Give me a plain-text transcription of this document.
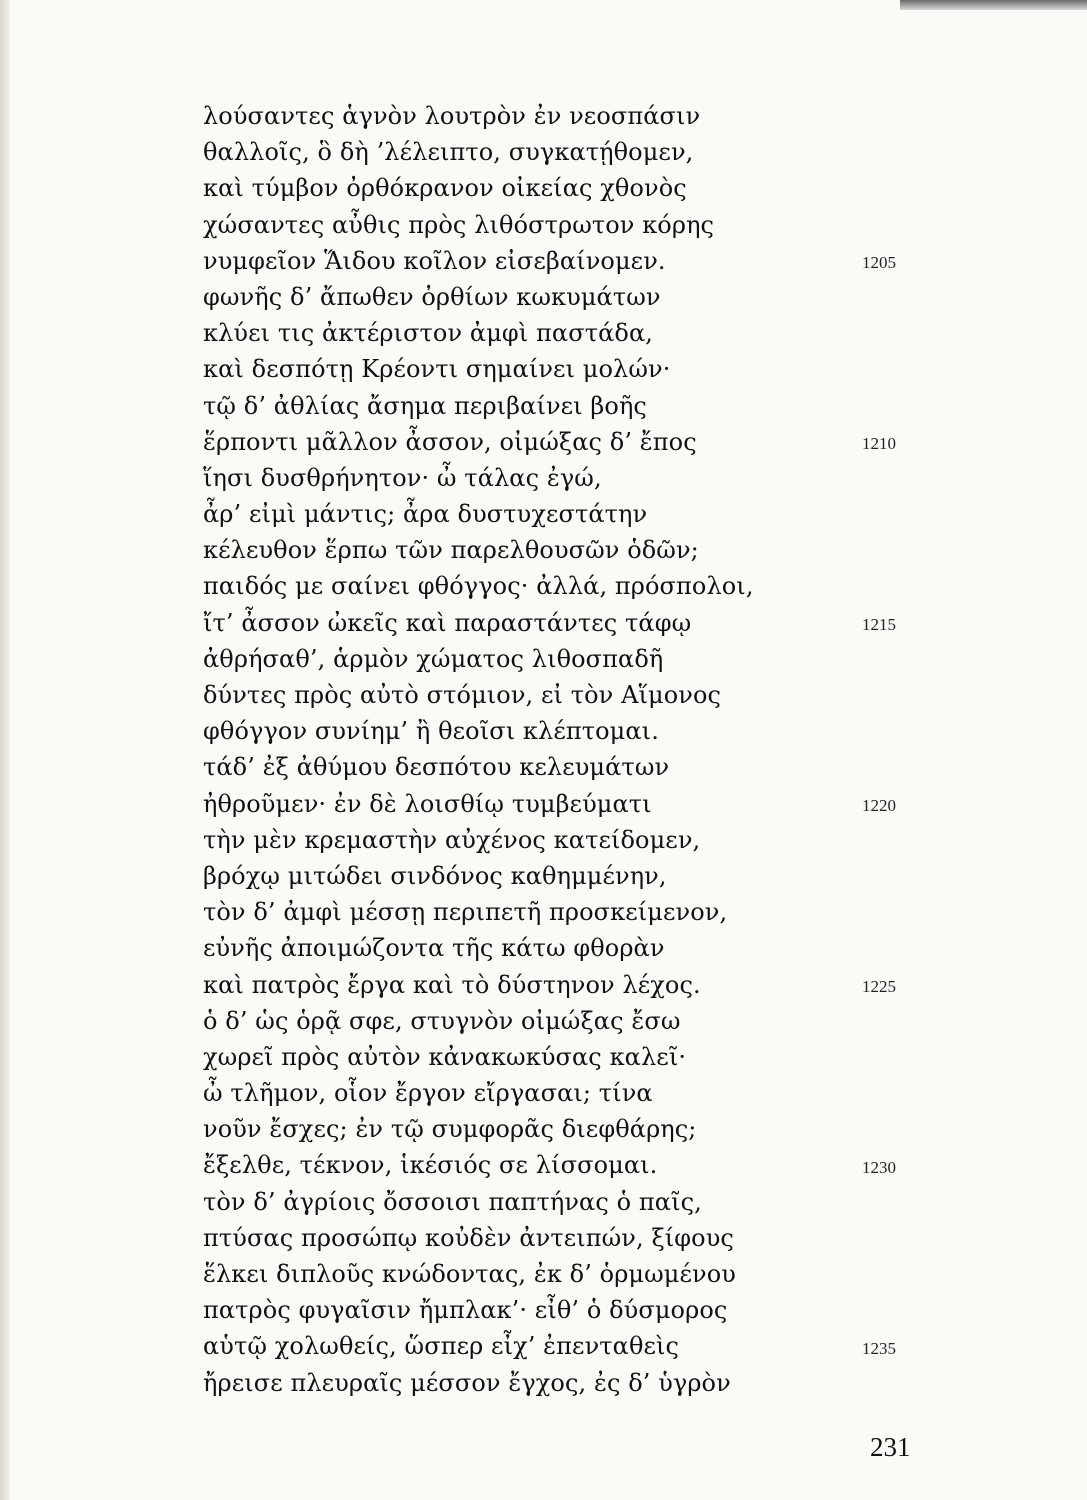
λούσαντες ἁγνὸν λουτρὸν ἐν νεοσπάσιν
θαλλοῖς, ὃ δὴ ’λέλειπτο, συγκατῄθομεν,
καὶ τύμβον ὀρθόκρανον οἰκείας χθονὸς
χώσαντες αὖθις πρὸς λιθόστρωτον κόρης
νυμφεῖον Ἅιδου κοῖλον εἰσεβαίνομεν.
φωνῆς δ’ ἄπωθεν ὀρθίων κωκυμάτων
κλύει τις ἀκτέριστον ἀμφὶ παστάδα,
καὶ δεσπότῃ Κρέοντι σημαίνει μολών·
τῷ δ’ ἀθλίας ἄσημα περιβαίνει βοῆς
ἕρποντι μᾶλλον ἆσσον, οἰμώξας δ’ ἔπος
ἵησι δυσθρήνητον· ὦ τάλας ἐγώ,
ἆρ’ εἰμὶ μάντις; ἆρα δυστυχεστάτην
κέλευθον ἕρπω τῶν παρελθουσῶν ὁδῶν;
παιδός με σαίνει φθόγγος· ἀλλά, πρόσπολοι,
ἴτ’ ἆσσον ὠκεῖς καὶ παραστάντες τάφῳ
ἀθρήσαθ’, ἁρμὸν χώματος λιθοσπαδῆ
δύντες πρὸς αὐτὸ στόμιον, εἰ τὸν Αἵμονος
φθόγγον συνίημ’ ἢ θεοῖσι κλέπτομαι.
τάδ’ ἐξ ἀθύμου δεσπότου κελευμάτων
ἠθροῦμεν· ἐν δὲ λοισθίῳ τυμβεύματι
τὴν μὲν κρεμαστὴν αὐχένος κατείδομεν,
βρόχῳ μιτώδει σινδόνος καθημμένην,
τὸν δ’ ἀμφὶ μέσσῃ περιπετῆ προσκείμενον,
εὐνῆς ἀποιμώζοντα τῆς κάτω φθορὰν
καὶ πατρὸς ἔργα καὶ τὸ δύστηνον λέχος.
ὁ δ’ ὡς ὁρᾷ σφε, στυγνὸν οἰμώξας ἔσω
χωρεῖ πρὸς αὐτὸν κἀνακωκύσας καλεῖ·
ὦ τλῆμον, οἷον ἔργον εἴργασαι; τίνα
νοῦν ἔσχες; ἐν τῷ συμφορᾶς διεφθάρης;
ἔξελθε, τέκνον, ἱκέσιός σε λίσσομαι.
τὸν δ’ ἀγρίοις ὄσσοισι παπτήνας ὁ παῖς,
πτύσας προσώπῳ κοὐδὲν ἀντειπών, ξίφους
ἕλκει διπλοῦς κνώδοντας, ἐκ δ’ ὁρμωμένου
πατρὸς φυγαῖσιν ἤμπλακ’· εἶθ’ ὁ δύσμορος
αὑτῷ χολωθείς, ὥσπερ εἶχ’ ἐπενταθεὶς
ἤρεισε πλευραῖς μέσσον ἔγχος, ἐς δ’ ὑγρὸν
1205
1210
1215
1220
1225
1230
1235
231
